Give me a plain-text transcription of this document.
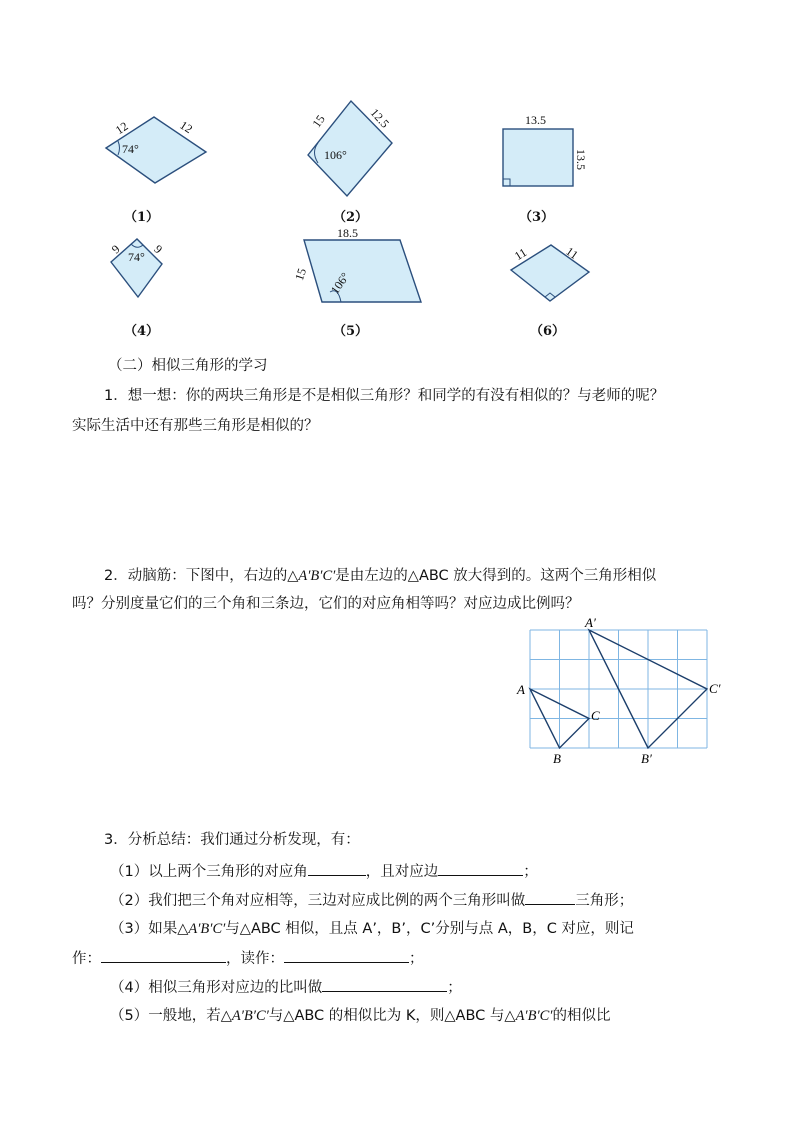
12	12
74°
15	12.5
106°
13.5
13.5
9 9
74°
18.5
15 106°
11	11
（1）	（2）	（3）
（4）	（5）	（6）
（二）相似三角形的学习
1．想一想：你的两块三角形是不是相似三角形？和同学的有没有相似的？与老师的呢？
实际生活中还有那些三角形是相似的？
2．动脑筋：下图中，右边的△A′B′C′是由左边的△ABC 放大得到的。这两个三角形相似
吗？分别度量它们的三个角和三条边，它们的对应角相等吗？对应边成比例吗？
A
B
C
A′
B′
C′
3．分析总结：我们通过分析发现，有：
（1）以上两个三角形的对应角	，且对应边	；
（2）我们把三个角对应相等，三边对应成比例的两个三角形叫做	三角形；
（3）如果△A′B′C′与△ABC 相似，且点 A’，B’，C’分别与点 A，B，C 对应，则记
作：	，读作：	；
（4）相似三角形对应边的比叫做	；
（5）一般地，若△A′B′C′与△ABC 的相似比为 K，则△ABC 与△A′B′C′的相似比
